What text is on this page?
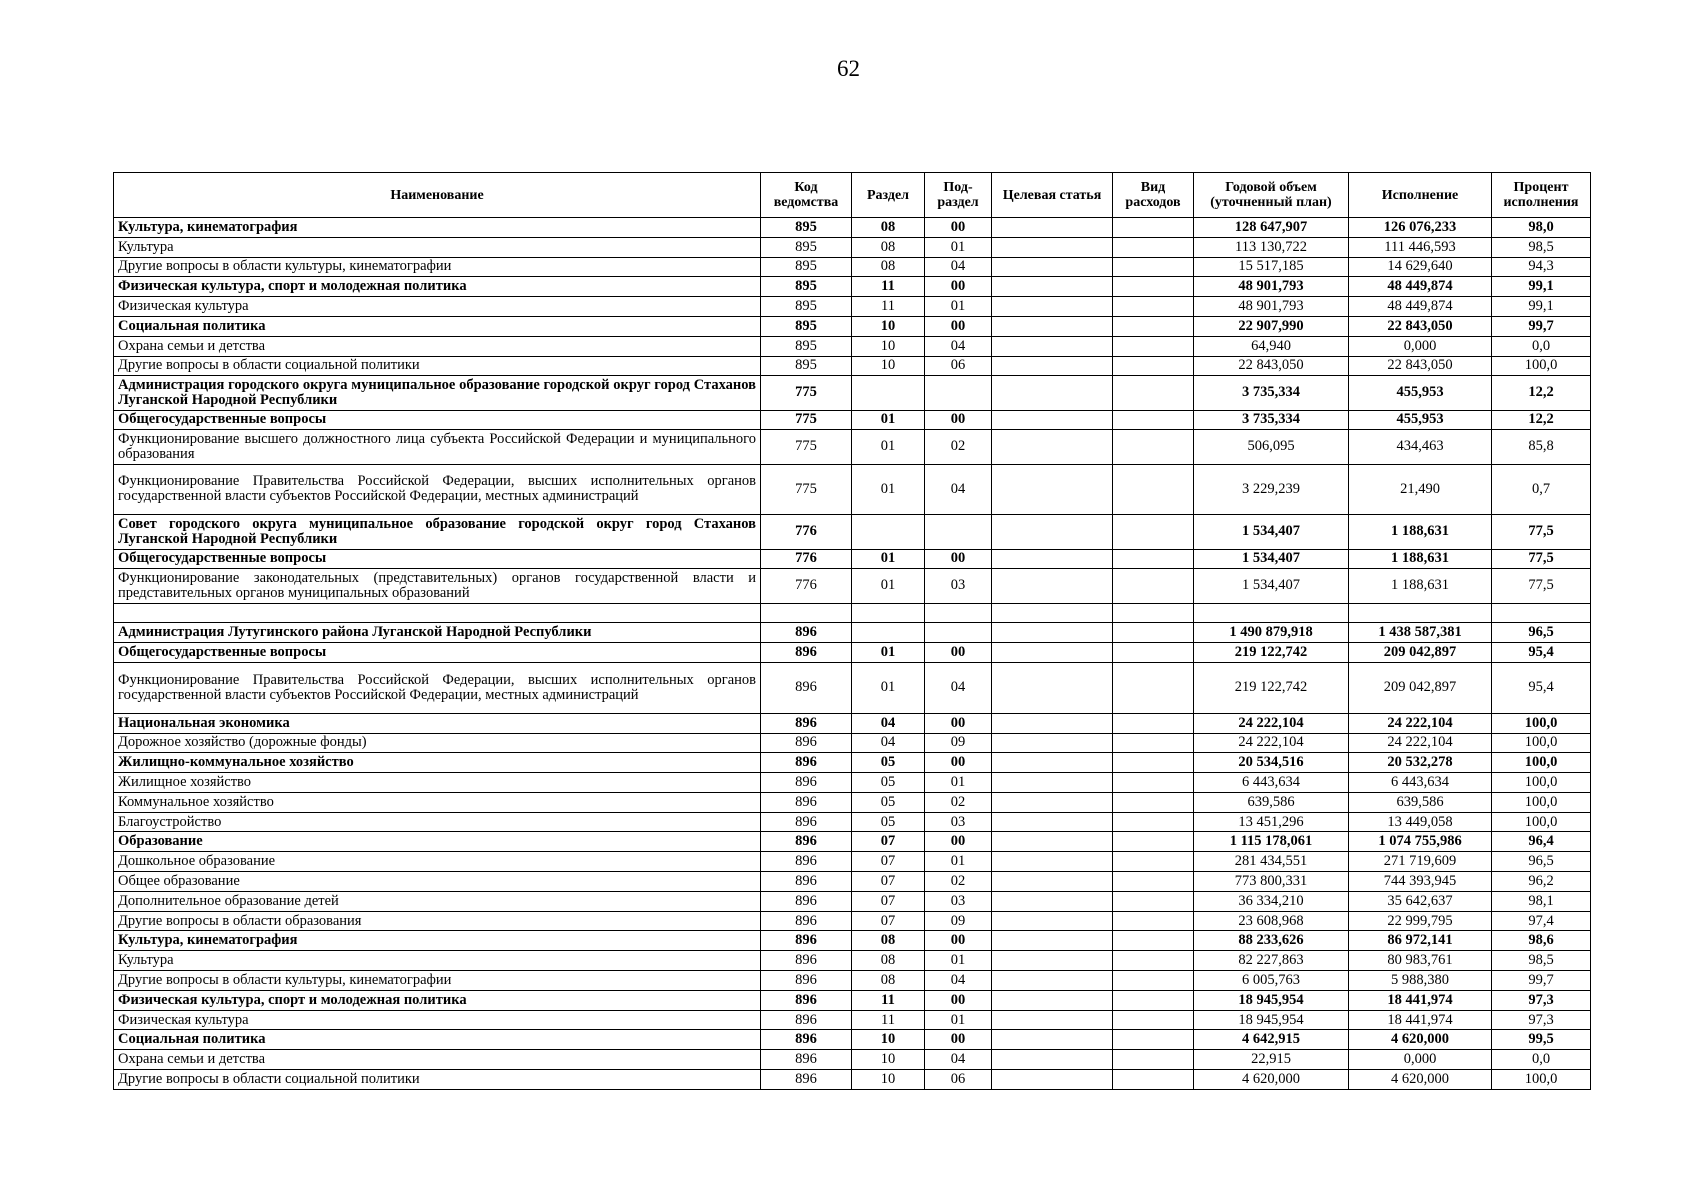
62
Наименование	Код ведомства	Раздел	Под-раздел	Целевая статья	Вид расходов	Годовой объем (уточненный план)	Исполнение	Процент исполнения
Культура, кинематография	895	08	00			128 647,907	126 076,233	98,0
Культура	895	08	01			113 130,722	111 446,593	98,5
Другие вопросы в области культуры, кинематографии	895	08	04			15 517,185	14 629,640	94,3
Физическая культура, спорт и молодежная политика	895	11	00			48 901,793	48 449,874	99,1
Физическая культура	895	11	01			48 901,793	48 449,874	99,1
Социальная политика	895	10	00			22 907,990	22 843,050	99,7
Охрана семьи и детства	895	10	04			64,940	0,000	0,0
Другие вопросы в области социальной политики	895	10	06			22 843,050	22 843,050	100,0
Администрация городского округа муниципальное образование городской округ город Стаханов Луганской Народной Республики	775					3 735,334	455,953	12,2
Общегосударственные вопросы	775	01	00			3 735,334	455,953	12,2
Функционирование высшего должностного лица субъекта Российской Федерации и муниципального образования	775	01	02			506,095	434,463	85,8
Функционирование Правительства Российской Федерации, высших исполнительных органов государственной власти субъектов Российской Федерации, местных администраций	775	01	04			3 229,239	21,490	0,7
Совет городского округа муниципальное образование городской округ город Стаханов Луганской Народной Республики	776					1 534,407	1 188,631	77,5
Общегосударственные вопросы	776	01	00			1 534,407	1 188,631	77,5
Функционирование законодательных (представительных) органов государственной власти и представительных органов муниципальных образований	776	01	03			1 534,407	1 188,631	77,5

Администрация Лутугинского района Луганской Народной Республики	896					1 490 879,918	1 438 587,381	96,5
Общегосударственные вопросы	896	01	00			219 122,742	209 042,897	95,4
Функционирование Правительства Российской Федерации, высших исполнительных органов государственной власти субъектов Российской Федерации, местных администраций	896	01	04			219 122,742	209 042,897	95,4
Национальная экономика	896	04	00			24 222,104	24 222,104	100,0
Дорожное хозяйство (дорожные фонды)	896	04	09			24 222,104	24 222,104	100,0
Жилищно-коммунальное хозяйство	896	05	00			20 534,516	20 532,278	100,0
Жилищное хозяйство	896	05	01			6 443,634	6 443,634	100,0
Коммунальное хозяйство	896	05	02			639,586	639,586	100,0
Благоустройство	896	05	03			13 451,296	13 449,058	100,0
Образование	896	07	00			1 115 178,061	1 074 755,986	96,4
Дошкольное образование	896	07	01			281 434,551	271 719,609	96,5
Общее образование	896	07	02			773 800,331	744 393,945	96,2
Дополнительное образование детей	896	07	03			36 334,210	35 642,637	98,1
Другие вопросы в области образования	896	07	09			23 608,968	22 999,795	97,4
Культура, кинематография	896	08	00			88 233,626	86 972,141	98,6
Культура	896	08	01			82 227,863	80 983,761	98,5
Другие вопросы в области культуры, кинематографии	896	08	04			6 005,763	5 988,380	99,7
Физическая культура, спорт и молодежная политика	896	11	00			18 945,954	18 441,974	97,3
Физическая культура	896	11	01			18 945,954	18 441,974	97,3
Социальная политика	896	10	00			4 642,915	4 620,000	99,5
Охрана семьи и детства	896	10	04			22,915	0,000	0,0
Другие вопросы в области социальной политики	896	10	06			4 620,000	4 620,000	100,0
